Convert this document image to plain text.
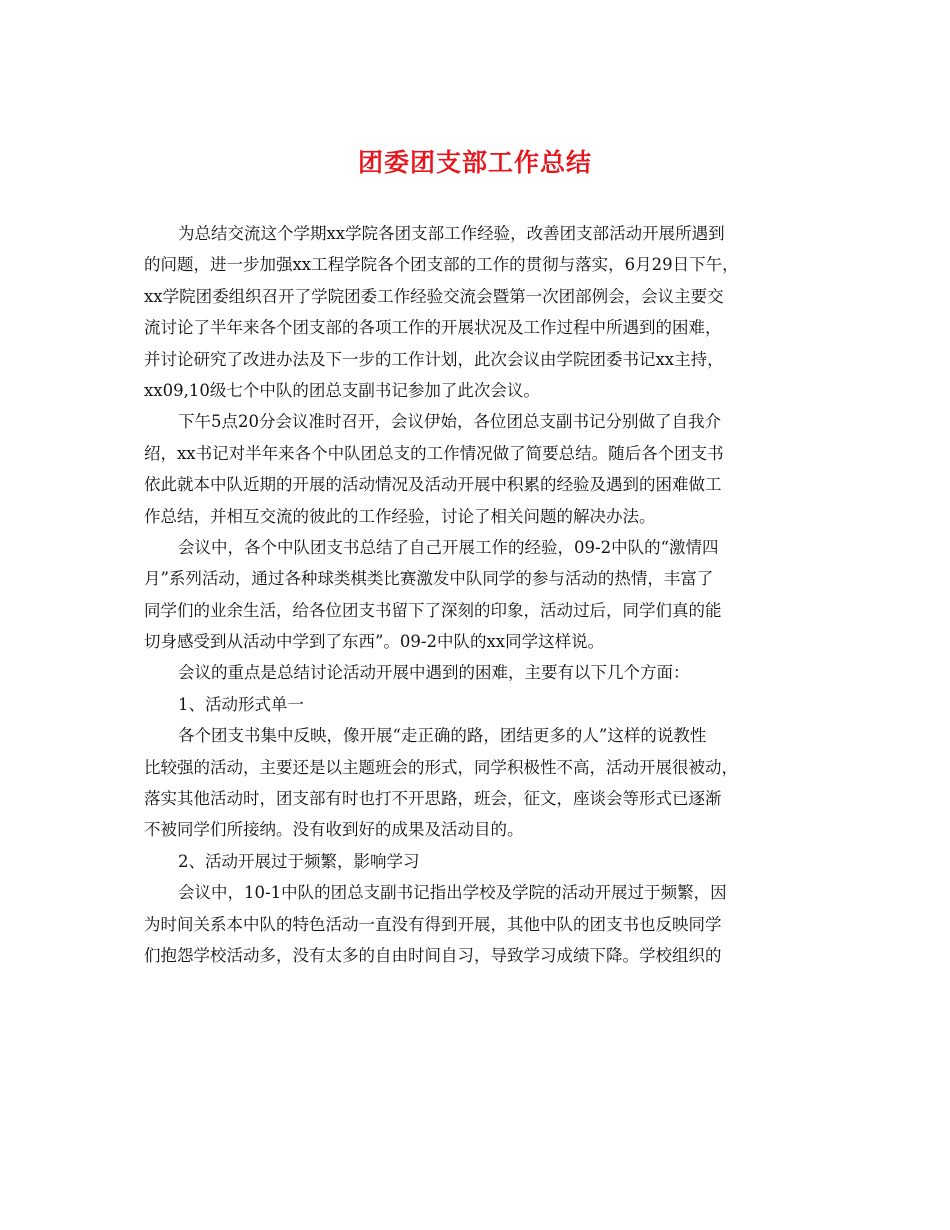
团委团支部工作总结
为总结交流这个学期xx学院各团支部工作经验，改善团支部活动开展所遇到
的问题，进一步加强xx工程学院各个团支部的工作的贯彻与落实，6月29日下午，
xx学院团委组织召开了学院团委工作经验交流会暨第一次团部例会，会议主要交
流讨论了半年来各个团支部的各项工作的开展状况及工作过程中所遇到的困难，
并讨论研究了改进办法及下一步的工作计划，此次会议由学院团委书记xx主持，
xx09,10级七个中队的团总支副书记参加了此次会议。
下午5点20分会议准时召开，会议伊始，各位团总支副书记分别做了自我介
绍，xx书记对半年来各个中队团总支的工作情况做了简要总结。随后各个团支书
依此就本中队近期的开展的活动情况及活动开展中积累的经验及遇到的困难做工
作总结，并相互交流的彼此的工作经验，讨论了相关问题的解决办法。
会议中，各个中队团支书总结了自己开展工作的经验，09-2中队的“激情四
月”系列活动，通过各种球类棋类比赛激发中队同学的参与活动的热情，丰富了
同学们的业余生活，给各位团支书留下了深刻的印象，活动过后，同学们真的能
切身感受到从活动中学到了东西”。09-2中队的xx同学这样说。
会议的重点是总结讨论活动开展中遇到的困难，主要有以下几个方面：
1、活动形式单一
各个团支书集中反映，像开展“走正确的路，团结更多的人”这样的说教性
比较强的活动，主要还是以主题班会的形式，同学积极性不高，活动开展很被动，
落实其他活动时，团支部有时也打不开思路，班会，征文，座谈会等形式已逐渐
不被同学们所接纳。没有收到好的成果及活动目的。
2、活动开展过于频繁，影响学习
会议中，10-1中队的团总支副书记指出学校及学院的活动开展过于频繁，因
为时间关系本中队的特色活动一直没有得到开展，其他中队的团支书也反映同学
们抱怨学校活动多，没有太多的自由时间自习，导致学习成绩下降。学校组织的
